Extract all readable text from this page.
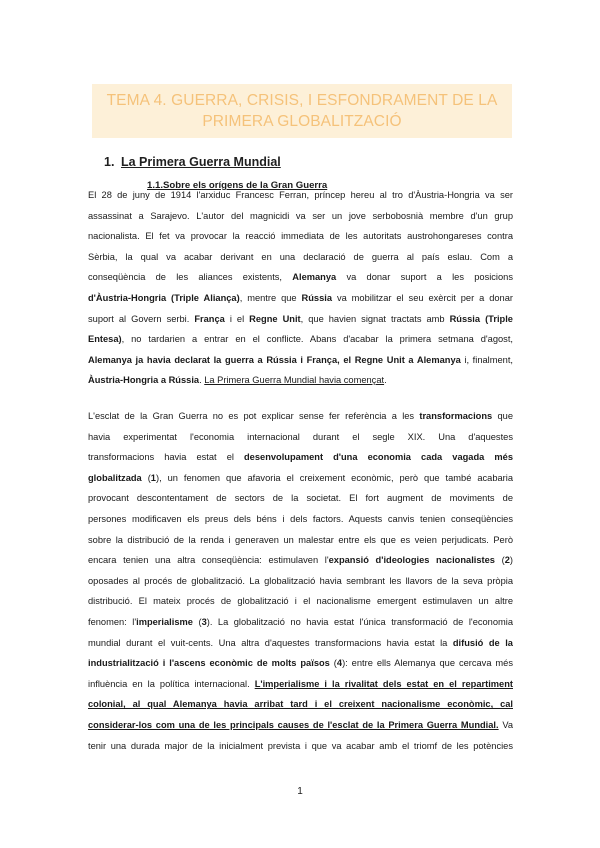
TEMA 4. GUERRA, CRISIS, I ESFONDRAMENT DE LA
PRIMERA GLOBALITZACIÓ
1. La Primera Guerra Mundial
1.1.Sobre els orígens de la Gran Guerra
El 28 de juny de 1914 l'arxiduc Francesc Ferran, príncep hereu al tro d'Àustria-Hongria va ser
assassinat a Sarajevo. L'autor del magnicidi va ser un jove serbobosnià membre d'un grup
nacionalista. El fet va provocar la reacció immediata de les autoritats austrohongareses contra
Sèrbia, la qual va acabar derivant en una declaració de guerra al país eslau. Com a
conseqüència de les aliances existents, Alemanya va donar suport a les posicions
d'Àustria-Hongria (Triple Aliança), mentre que Rússia va mobilitzar el seu exèrcit per a donar
suport al Govern serbi. França i el Regne Unit, que havien signat tractats amb Rússia (Triple
Entesa), no tardarien a entrar en el conflicte. Abans d'acabar la primera setmana d'agost,
Alemanya ja havia declarat la guerra a Rússia i França, el Regne Unit a Alemanya i, finalment,
Àustria-Hongria a Rússia. La Primera Guerra Mundial havia començat.
L'esclat de la Gran Guerra no es pot explicar sense fer referència a les transformacions que
havia experimentat l'economia internacional durant el segle XIX. Una d'aquestes
transformacions havia estat el desenvolupament d'una economia cada vagada més
globalitzada (1), un fenomen que afavoria el creixement econòmic, però que també acabaria
provocant descontentament de sectors de la societat. El fort augment de moviments de
persones modificaven els preus dels béns i dels factors. Aquests canvis tenien conseqüències
sobre la distribució de la renda i generaven un malestar entre els que es veien perjudicats. Però
encara tenien una altra conseqüència: estimulaven l'expansió d'ideologies nacionalistes (2)
oposades al procés de globalització. La globalització havia sembrant les llavors de la seva pròpia
distribució. El mateix procés de globalització i el nacionalisme emergent estimulaven un altre
fenomen: l'imperialisme (3). La globalització no havia estat l'única transformació de l'economia
mundial durant el vuit-cents. Una altra d'aquestes transformacions havia estat la difusió de la
industrialització i l'ascens econòmic de molts països (4): entre ells Alemanya que cercava més
influència en la política internacional. L'imperialisme i la rivalitat dels estat en el repartiment
colonial, al qual Alemanya havia arribat tard i el creixent nacionalisme econòmic, cal
considerar-los com una de les principals causes de l'esclat de la Primera Guerra Mundial. Va
tenir una durada major de la inicialment prevista i que va acabar amb el triomf de les potències
1
